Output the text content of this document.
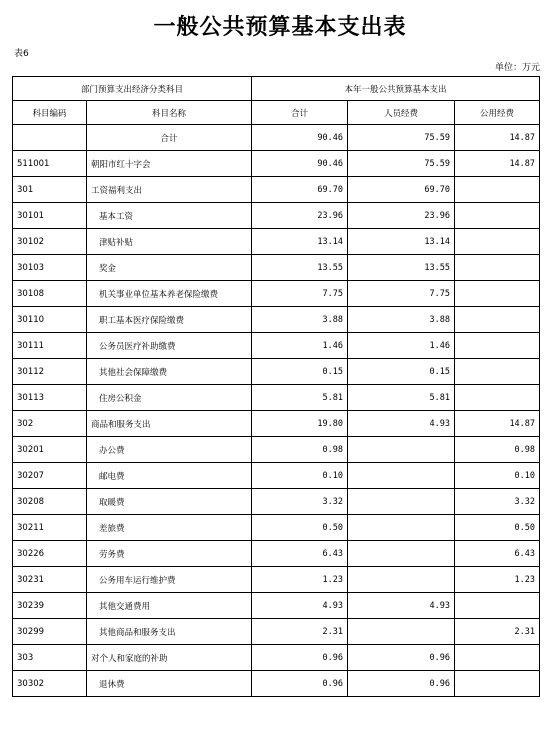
一般公共预算基本支出表
表6
单位：万元
部门预算支出经济分类科目		本年一般公共预算基本支出		
科目编码	科目名称	合计	人员经费	公用经费
	合计	90.46	75.59	14.87
511001	朝阳市红十字会	90.46	75.59	14.87
301	工资福利支出	69.70	69.70	
30101	基本工资	23.96	23.96	
30102	津贴补贴	13.14	13.14	
30103	奖金	13.55	13.55	
30108	机关事业单位基本养老保险缴费	7.75	7.75	
30110	职工基本医疗保险缴费	3.88	3.88	
30111	公务员医疗补助缴费	1.46	1.46	
30112	其他社会保障缴费	0.15	0.15	
30113	住房公积金	5.81	5.81	
302	商品和服务支出	19.80	4.93	14.87
30201	办公费	0.98		0.98
30207	邮电费	0.10		0.10
30208	取暖费	3.32		3.32
30211	差旅费	0.50		0.50
30226	劳务费	6.43		6.43
30231	公务用车运行维护费	1.23		1.23
30239	其他交通费用	4.93	4.93	
30299	其他商品和服务支出	2.31		2.31
303	对个人和家庭的补助	0.96	0.96	
30302	退休费	0.96	0.96	
